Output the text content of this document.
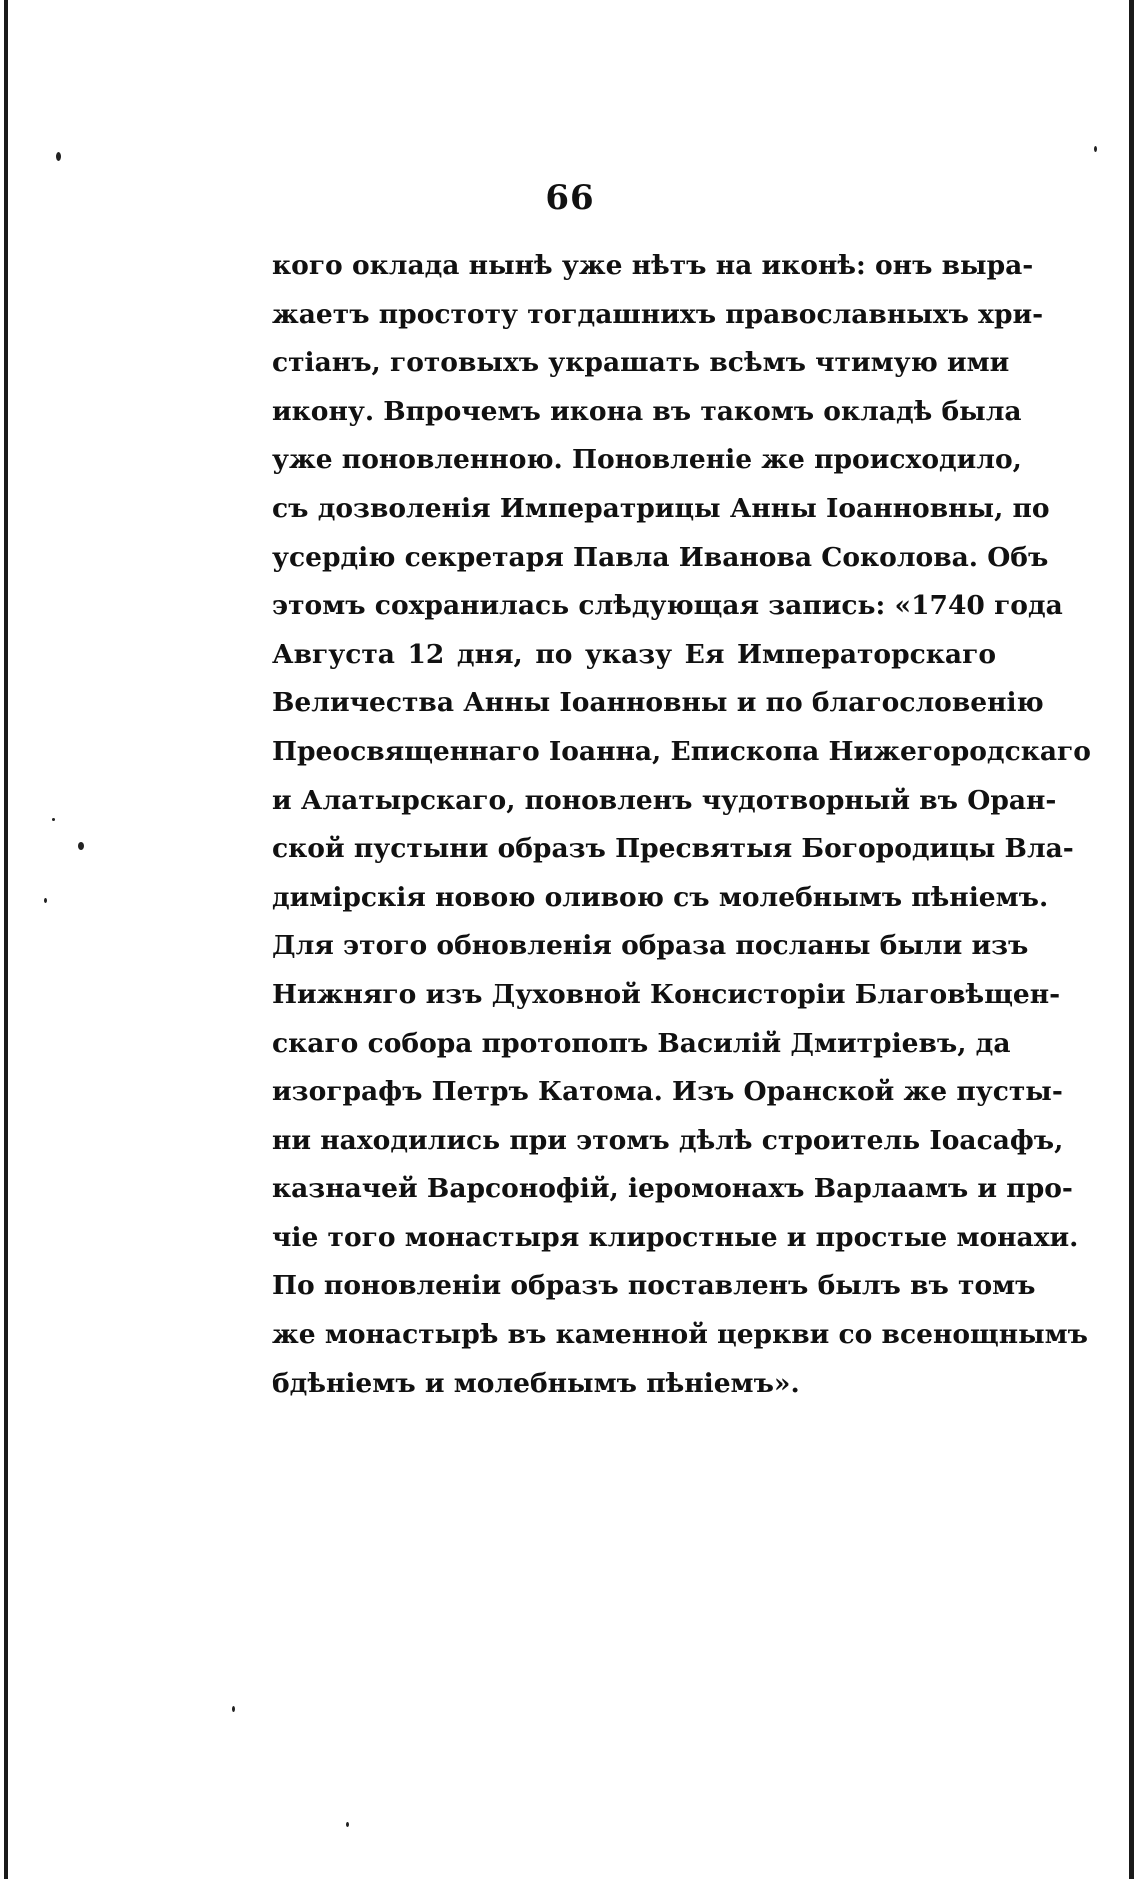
66
кого оклада нынѣ уже нѣтъ на иконѣ: онъ выра-
жаетъ простоту тогдашнихъ православныхъ хри-
стіанъ, готовыхъ украшать всѣмъ чтимую ими
икону. Впрочемъ икона въ такомъ окладѣ была
уже поновленною. Поновленіе же происходило,
съ дозволенія Императрицы Анны Іоанновны, по
усердію секретаря Павла Иванова Соколова. Объ
этомъ сохранилась слѣдующая запись: «1740 года
Августа 12 дня, по указу Ея Императорскаго
Величества Анны Іоанновны и по благословенію
Преосвященнаго Іоанна, Епископа Нижегородскаго
и Алатырскаго, поновленъ чудотворный въ Оран-
ской пустыни образъ Пресвятыя Богородицы Вла-
димірскія новою оливою съ молебнымъ пѣніемъ.
Для этого обновленія образа посланы были изъ
Нижняго изъ Духовной Консисторіи Благовѣщен-
скаго собора протопопъ Василій Дмитріевъ, да
изографъ Петръ Катома. Изъ Оранской же пусты-
ни находились при этомъ дѣлѣ строитель Іоасафъ,
казначей Варсонофій, іеромонахъ Варлаамъ и про-
чіе того монастыря клиростные и простые монахи.
По поновленіи образъ поставленъ былъ въ томъ
же монастырѣ въ каменной церкви со всенощнымъ
бдѣніемъ и молебнымъ пѣніемъ».
